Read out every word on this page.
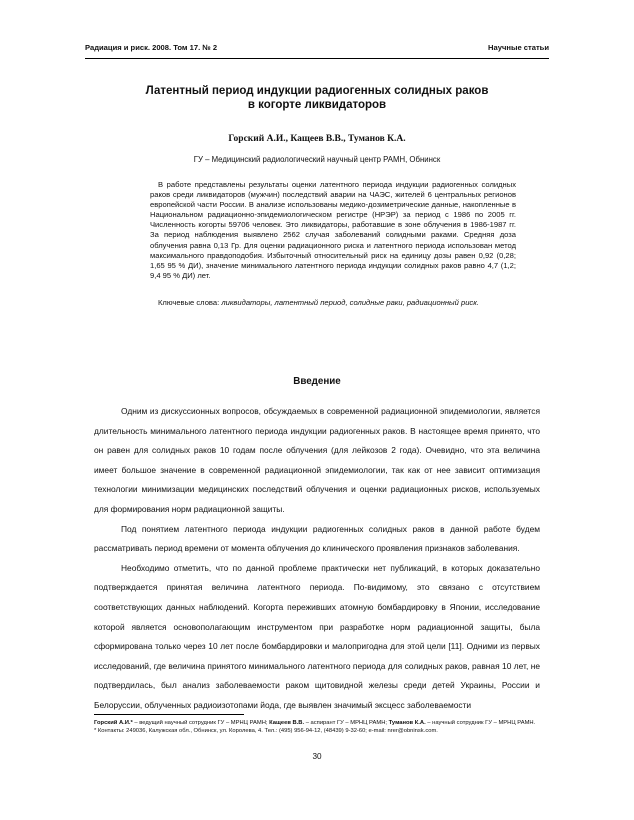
Радиация и риск. 2008. Том 17. № 2	Научные статьи
Латентный период индукции радиогенных солидных раков
в когорте ликвидаторов
Горский А.И., Кащеев В.В., Туманов К.А.
ГУ – Медицинский радиологический научный центр РАМН, Обнинск

В работе представлены результаты оценки латентного периода индукции радиогенных солидных раков среди ликвидаторов (мужчин) последствий аварии на ЧАЭС, жителей 6 центральных регионов европейской части России. В анализе использованы медико-дозиметрические данные, накопленные в Национальном радиационно-эпидемиологическом регистре (НРЭР) за период с 1986 по 2005 гг. Численность когорты 59706 человек. Это ликвидаторы, работавшие в зоне облучения в 1986-1987 гг. За период наблюдения выявлено 2562 случая заболеваний солидными раками. Средняя доза облучения равна 0,13 Гр. Для оценки радиационного риска и латентного периода использован метод максимального правдоподобия. Избыточный относительный риск на единицу дозы равен 0,92 (0,28; 1,65 95 % ДИ), значение минимального латентного периода индукции солидных раков равно 4,7 (1,2; 9,4 95 % ДИ) лет.

Ключевые слова: ликвидаторы, латентный период, солидные раки, радиационный риск.

Введение

Одним из дискуссионных вопросов, обсуждаемых в современной радиационной эпидемиологии, является длительность минимального латентного периода индукции радиогенных раков. В настоящее время принято, что он равен для солидных раков 10 годам после облучения (для лейкозов 2 года). Очевидно, что эта величина имеет большое значение в современной радиационной эпидемиологии, так как от нее зависит оптимизация технологии минимизации медицинских последствий облучения и оценки радиационных рисков, используемых для формирования норм радиационной защиты.

Под понятием латентного периода индукции радиогенных солидных раков в данной работе будем рассматривать период времени от момента облучения до клинического проявления признаков заболевания.

Необходимо отметить, что по данной проблеме практически нет публикаций, в которых доказательно подтверждается принятая величина латентного периода. По-видимому, это связано с отсутствием соответствующих данных наблюдений. Когорта переживших атомную бомбардировку в Японии, исследование которой является основополагающим инструментом при разработке норм радиационной защиты, была сформирована только через 10 лет после бомбардировки и малопригодна для этой цели [11]. Одними из первых исследований, где величина принятого минимального латентного периода для солидных раков, равная 10 лет, не подтвердилась, был анализ заболеваемости раком щитовидной железы среди детей Украины, России и Белоруссии, облученных радиоизотопами йода, где выявлен значимый эксцесс заболеваемости

Горский А.И.* – ведущий научный сотрудник ГУ – МРНЦ РАМН; Кащеев В.В. – аспирант ГУ – МРНЦ РАМН; Туманов К.А. – научный сотрудник ГУ – МРНЦ РАМН.

* Контакты: 249036, Калужская обл., Обнинск, ул. Королева, 4. Тел.: (495) 956-94-12, (48439) 9-32-60; e-mail: nrer@obninsk.com.

30
